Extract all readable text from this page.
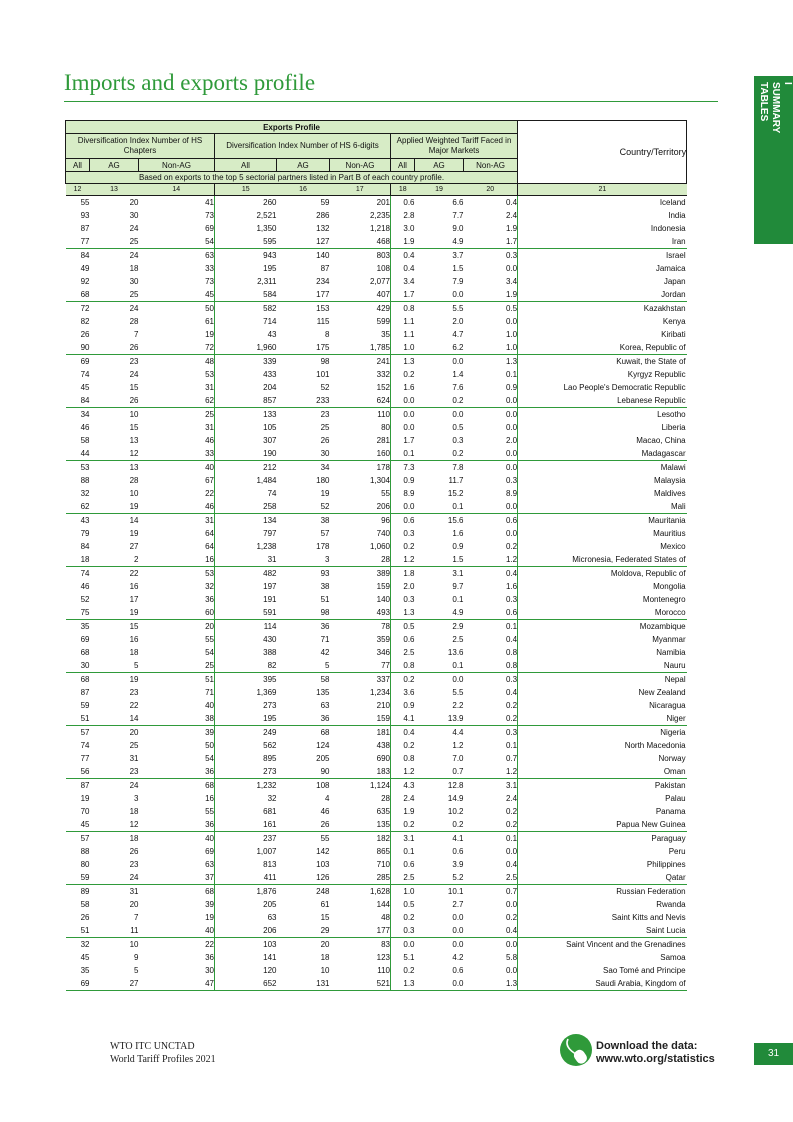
Imports and exports profile	I
SUMMARY
TABLES
Exports Profile									Country/Territory
Diversification Index Number of HS Chapters			Diversification Index Number of HS 6-digits			Applied Weighted Tariff Faced in Major Markets			
All	AG	Non-AG	All	AG	Non-AG	All	AG	Non-AG	
Based on exports to the top 5 sectorial partners listed in Part B of each country profile.									
12	13	14	15	16	17	18	19	20	21
55	20	41	260	59	201	0.6	6.6	0.4	Iceland
93	30	73	2,521	286	2,235	2.8	7.7	2.4	India
87	24	69	1,350	132	1,218	3.0	9.0	1.9	Indonesia
77	25	54	595	127	468	1.9	4.9	1.7	Iran
84	24	63	943	140	803	0.4	3.7	0.3	Israel
49	18	33	195	87	108	0.4	1.5	0.0	Jamaica
92	30	73	2,311	234	2,077	3.4	7.9	3.4	Japan
68	25	45	584	177	407	1.7	0.0	1.9	Jordan
72	24	50	582	153	429	0.8	5.5	0.5	Kazakhstan
82	28	61	714	115	599	1.1	2.0	0.0	Kenya
26	7	19	43	8	35	1.1	4.7	1.0	Kiribati
90	26	72	1,960	175	1,785	1.0	6.2	1.0	Korea, Republic of
69	23	48	339	98	241	1.3	0.0	1.3	Kuwait, the State of
74	24	53	433	101	332	0.2	1.4	0.1	Kyrgyz Republic
45	15	31	204	52	152	1.6	7.6	0.9	Lao People's Democratic Republic
84	26	62	857	233	624	0.0	0.2	0.0	Lebanese Republic
34	10	25	133	23	110	0.0	0.0	0.0	Lesotho
46	15	31	105	25	80	0.0	0.5	0.0	Liberia
58	13	46	307	26	281	1.7	0.3	2.0	Macao, China
44	12	33	190	30	160	0.1	0.2	0.0	Madagascar
53	13	40	212	34	178	7.3	7.8	0.0	Malawi
88	28	67	1,484	180	1,304	0.9	11.7	0.3	Malaysia
32	10	22	74	19	55	8.9	15.2	8.9	Maldives
62	19	46	258	52	206	0.0	0.1	0.0	Mali
43	14	31	134	38	96	0.6	15.6	0.6	Mauritania
79	19	64	797	57	740	0.3	1.6	0.0	Mauritius
84	27	64	1,238	178	1,060	0.2	0.9	0.2	Mexico
18	2	16	31	3	28	1.2	1.5	1.2	Micronesia, Federated States of
74	22	53	482	93	389	1.8	3.1	0.4	Moldova, Republic of
46	16	32	197	38	159	2.0	9.7	1.6	Mongolia
52	17	36	191	51	140	0.3	0.1	0.3	Montenegro
75	19	60	591	98	493	1.3	4.9	0.6	Morocco
35	15	20	114	36	78	0.5	2.9	0.1	Mozambique
69	16	55	430	71	359	0.6	2.5	0.4	Myanmar
68	18	54	388	42	346	2.5	13.6	0.8	Namibia
30	5	25	82	5	77	0.8	0.1	0.8	Nauru
68	19	51	395	58	337	0.2	0.0	0.3	Nepal
87	23	71	1,369	135	1,234	3.6	5.5	0.4	New Zealand
59	22	40	273	63	210	0.9	2.2	0.2	Nicaragua
51	14	38	195	36	159	4.1	13.9	0.2	Niger
57	20	39	249	68	181	0.4	4.4	0.3	Nigeria
74	25	50	562	124	438	0.2	1.2	0.1	North Macedonia
77	31	54	895	205	690	0.8	7.0	0.7	Norway
56	23	36	273	90	183	1.2	0.7	1.2	Oman
87	24	68	1,232	108	1,124	4.3	12.8	3.1	Pakistan
19	3	16	32	4	28	2.4	14.9	2.4	Palau
70	18	55	681	46	635	1.9	10.2	0.2	Panama
45	12	36	161	26	135	0.2	0.2	0.2	Papua New Guinea
57	18	40	237	55	182	3.1	4.1	0.1	Paraguay
88	26	69	1,007	142	865	0.1	0.6	0.0	Peru
80	23	63	813	103	710	0.6	3.9	0.4	Philippines
59	24	37	411	126	285	2.5	5.2	2.5	Qatar
89	31	68	1,876	248	1,628	1.0	10.1	0.7	Russian Federation
58	20	39	205	61	144	0.5	2.7	0.0	Rwanda
26	7	19	63	15	48	0.2	0.0	0.2	Saint Kitts and Nevis
51	11	40	206	29	177	0.3	0.0	0.4	Saint Lucia
32	10	22	103	20	83	0.0	0.0	0.0	Saint Vincent and the Grenadines
45	9	36	141	18	123	5.1	4.2	5.8	Samoa
35	5	30	120	10	110	0.2	0.6	0.0	Sao Tomé and Principe
69	27	47	652	131	521	1.3	0.0	1.3	Saudi Arabia, Kingdom of
WTO ITC UNCTAD
World Tariff Profiles 2021
Download the data:
www.wto.org/statistics	31
